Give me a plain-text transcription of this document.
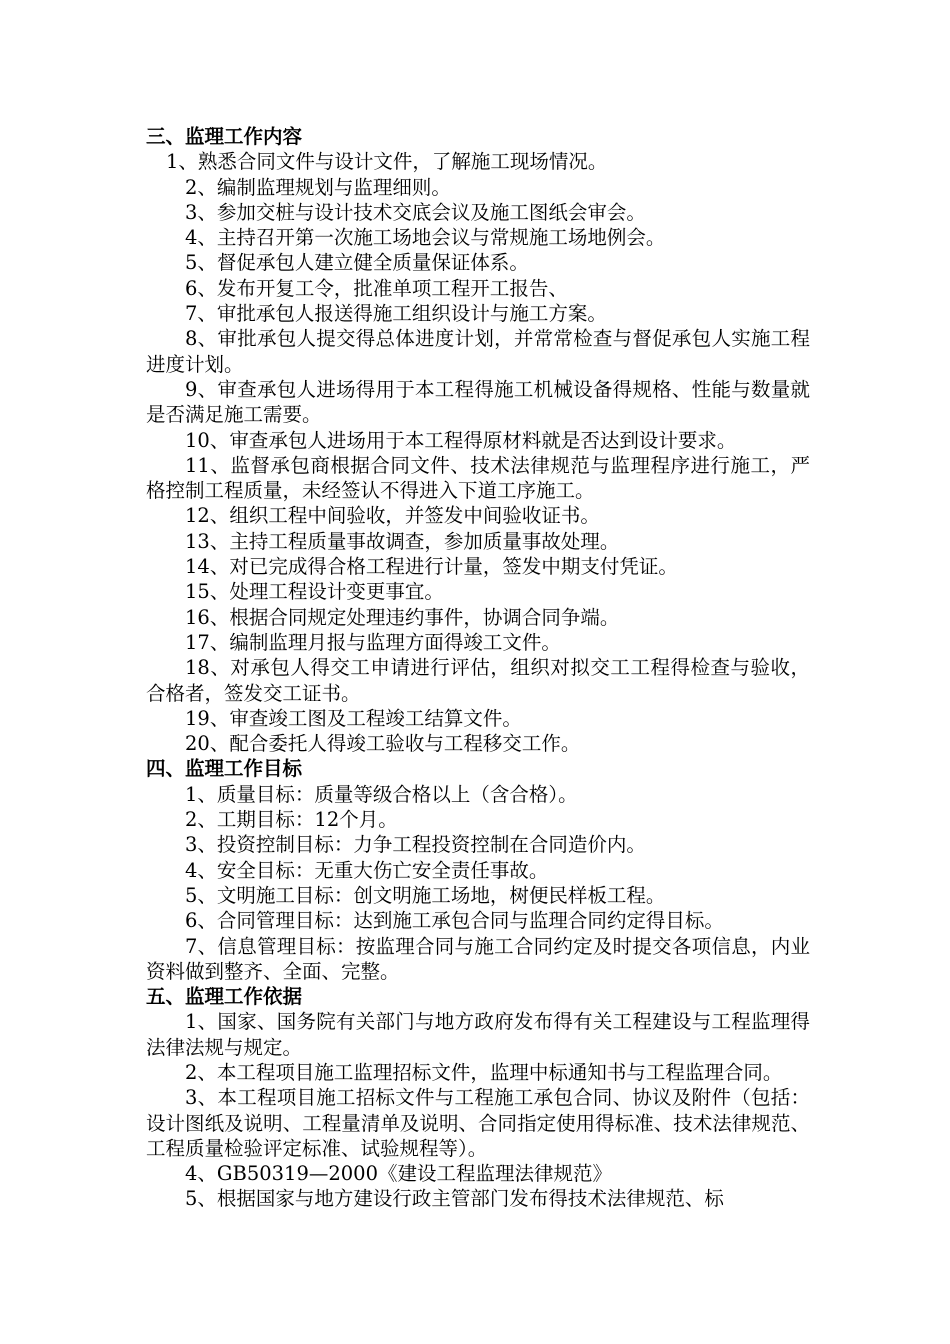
三、监理工作内容

1、熟悉合同文件与设计文件，了解施工现场情况。

2、编制监理规划与监理细则。

3、参加交桩与设计技术交底会议及施工图纸会审会。

4、主持召开第一次施工场地会议与常规施工场地例会。

5、督促承包人建立健全质量保证体系。

6、发布开复工令，批准单项工程开工报告、

7、审批承包人报送得施工组织设计与施工方案。

8、审批承包人提交得总体进度计划，并常常检查与督促承包人实施工程进度计划。

9、审查承包人进场得用于本工程得施工机械设备得规格、性能与数量就是否满足施工需要。

10、审查承包人进场用于本工程得原材料就是否达到设计要求。

11、监督承包商根据合同文件、技术法律规范与监理程序进行施工，严格控制工程质量，未经签认不得进入下道工序施工。

12、组织工程中间验收，并签发中间验收证书。

13、主持工程质量事故调查，参加质量事故处理。

14、对已完成得合格工程进行计量，签发中期支付凭证。

15、处理工程设计变更事宜。

16、根据合同规定处理违约事件，协调合同争端。

17、编制监理月报与监理方面得竣工文件。

18、对承包人得交工申请进行评估，组织对拟交工工程得检查与验收，合格者，签发交工证书。

19、审查竣工图及工程竣工结算文件。

20、配合委托人得竣工验收与工程移交工作。

四、监理工作目标

1、质量目标：质量等级合格以上（含合格）。

2、工期目标：12个月。

3、投资控制目标：力争工程投资控制在合同造价内。

4、安全目标：无重大伤亡安全责任事故。

5、文明施工目标：创文明施工场地，树便民样板工程。

6、合同管理目标：达到施工承包合同与监理合同约定得目标。

7、信息管理目标：按监理合同与施工合同约定及时提交各项信息，内业资料做到整齐、全面、完整。

五、监理工作依据

1、国家、国务院有关部门与地方政府发布得有关工程建设与工程监理得法律法规与规定。

2、本工程项目施工监理招标文件，监理中标通知书与工程监理合同。

3、本工程项目施工招标文件与工程施工承包合同、协议及附件（包括：设计图纸及说明、工程量清单及说明、合同指定使用得标准、技术法律规范、工程质量检验评定标准、试验规程等）。

4、GB50319—2000《建设工程监理法律规范》

5、根据国家与地方建设行政主管部门发布得技术法律规范、标
